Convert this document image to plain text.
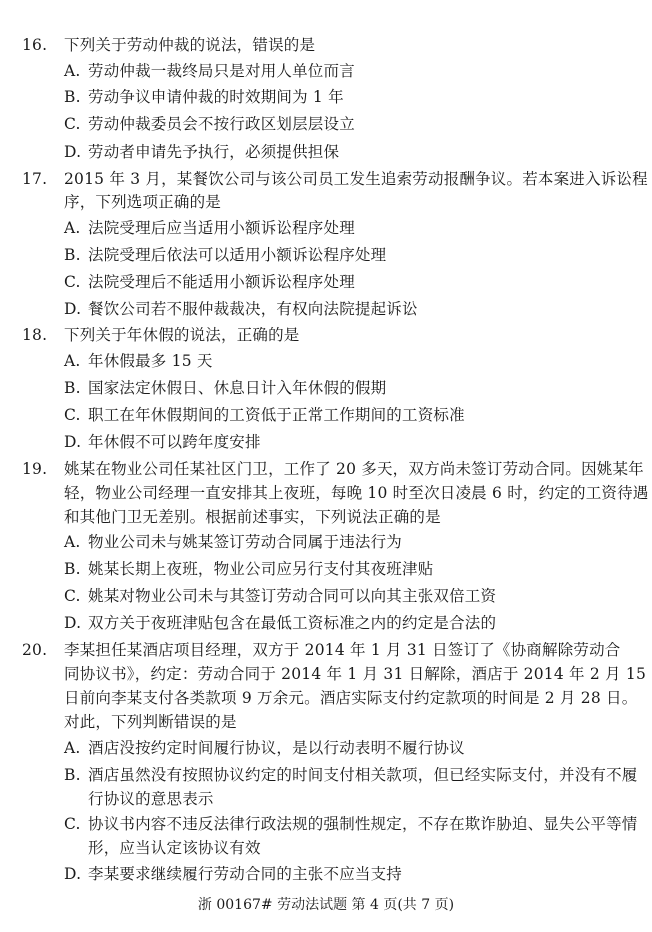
16. 下列关于劳动仲裁的说法，错误的是
A. 劳动仲裁一裁终局只是对用人单位而言
B. 劳动争议申请仲裁的时效期间为 1 年
C. 劳动仲裁委员会不按行政区划层层设立
D. 劳动者申请先予执行，必须提供担保
17. 2015 年 3 月，某餐饮公司与该公司员工发生追索劳动报酬争议。若本案进入诉讼程
序，下列选项正确的是
A. 法院受理后应当适用小额诉讼程序处理
B. 法院受理后依法可以适用小额诉讼程序处理
C. 法院受理后不能适用小额诉讼程序处理
D. 餐饮公司若不服仲裁裁决，有权向法院提起诉讼
18. 下列关于年休假的说法，正确的是
A. 年休假最多 15 天
B. 国家法定休假日、休息日计入年休假的假期
C. 职工在年休假期间的工资低于正常工作期间的工资标准
D. 年休假不可以跨年度安排
19. 姚某在物业公司任某社区门卫，工作了 20 多天，双方尚未签订劳动合同。因姚某年
轻，物业公司经理一直安排其上夜班，每晚 10 时至次日凌晨 6 时，约定的工资待遇
和其他门卫无差别。根据前述事实，下列说法正确的是
A. 物业公司未与姚某签订劳动合同属于违法行为
B. 姚某长期上夜班，物业公司应另行支付其夜班津贴
C. 姚某对物业公司未与其签订劳动合同可以向其主张双倍工资
D. 双方关于夜班津贴包含在最低工资标准之内的约定是合法的
20. 李某担任某酒店项目经理，双方于 2014 年 1 月 31 日签订了《协商解除劳动合
同协议书》，约定：劳动合同于 2014 年 1 月 31 日解除，酒店于 2014 年 2 月 15
日前向李某支付各类款项 9 万余元。酒店实际支付约定款项的时间是 2 月 28 日。
对此，下列判断错误的是
A. 酒店没按约定时间履行协议，是以行动表明不履行协议
B. 酒店虽然没有按照协议约定的时间支付相关款项，但已经实际支付，并没有不履
行协议的意思表示
C. 协议书内容不违反法律行政法规的强制性规定，不存在欺诈胁迫、显失公平等情
形，应当认定该协议有效
D. 李某要求继续履行劳动合同的主张不应当支持
浙 00167# 劳动法试题 第 4 页(共 7 页)
